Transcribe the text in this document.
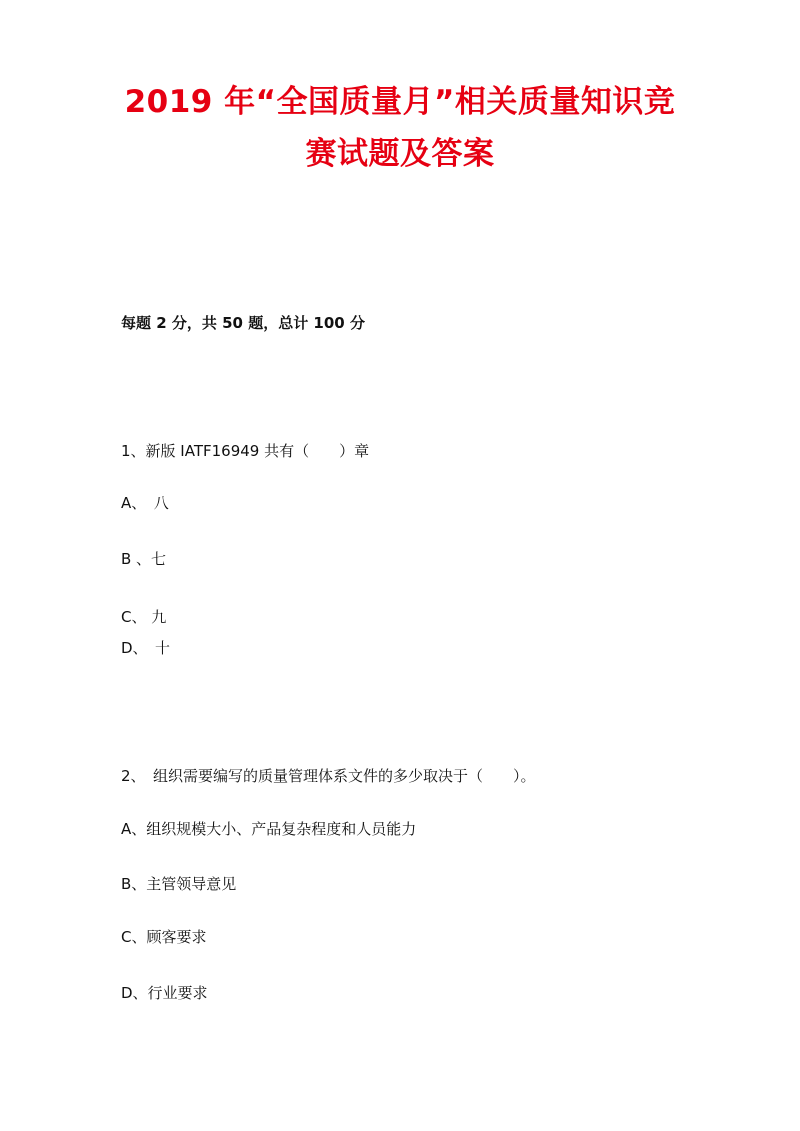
2019 年“全国质量月”相关质量知识竞
赛试题及答案
每题 2 分，共 50 题，总计 100 分
1、新版 IATF16949 共有（　　）章
A、　八
B 、七
C、 九
D、　十
2、　组织需要编写的质量管理体系文件的多少取决于（　　）。
A、组织规模大小、产品复杂程度和人员能力
B、主管领导意见
C、顾客要求
D、行业要求
